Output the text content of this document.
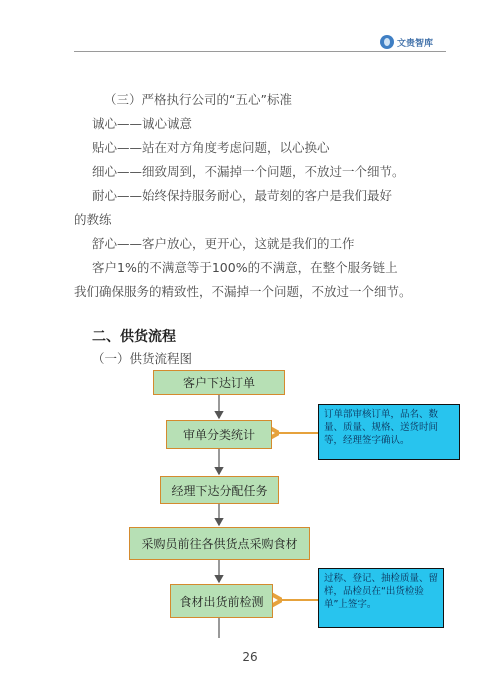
文贵智库
（三）严格执行公司的“五心”标准
诚心——诚心诚意
贴心——站在对方角度考虑问题，以心换心
细心——细致周到，不漏掉一个问题，不放过一个细节。
耐心——始终保持服务耐心，最苛刻的客户是我们最好
的教练
舒心——客户放心，更开心，这就是我们的工作
客户1%的不满意等于100%的不满意，在整个服务链上
我们确保服务的精致性，不漏掉一个问题，不放过一个细节。
二、供货流程
（一）供货流程图
客户下达订单
审单分类统计
经理下达分配任务
采购员前往各供货点采购食材
食材出货前检测
订单部审核订单，品名、数量、质量、规格、送货时间等，经理签字确认。
过称、登记、抽检质量、留样，品检员在“出货检验单”上签字。
26
